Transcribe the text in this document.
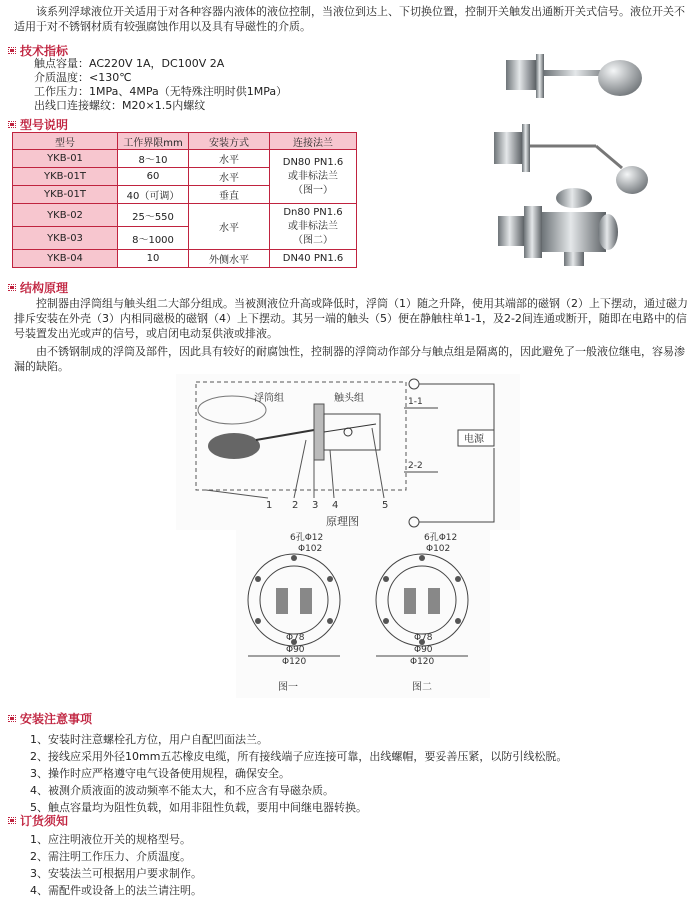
该系列浮球液位开关适用于对各种容器内液体的液位控制，当液位到达上、下切换位置，控制开关触发出通断开关式信号。液位开关不适用于对不锈钢材质有较强腐蚀作用以及具有导磁性的介质。
技术指标
触点容量：AC220V 1A，DC100V 2A
介质温度：<130℃
工作压力：1MPa、4MPa（无特殊注明时供1MPa）
出线口连接螺纹：M20×1.5内螺纹
型号说明
型号	工作界限mm	安装方式	连接法兰
YKB-01	8～10	水平	DN80 PN1.6
或非标法兰
（图一）

YKB-01T	60	水平	
YKB-01T	40（可调）	垂直	
YKB-02	25～550	水平	Dn80 PN1.6
或非标法兰
（图二）

YKB-03	8～1000		
YKB-04	10	外侧水平	DN40 PN1.6
结构原理
控制器由浮筒组与触头组二大部分组成。当被测液位升高或降低时，浮筒（1）随之升降，使用其端部的磁钢（2）上下摆动，通过磁力排斥安装在外壳（3）内相同磁极的磁钢（4）上下摆动。其另一端的触头（5）便在静触柱单1-1，及2-2间连通或断开，随即在电路中的信号装置发出光或声的信号，或启闭电动泵供液或排液。
由不锈钢制成的浮筒及部件，因此具有较好的耐腐蚀性，控制器的浮筒动作部分与触点组是隔离的，因此避免了一般液位继电，容易渗漏的缺陷。
浮筒组	触头组
电源
1-1
2-2
1 2 3 4	5
原理图
6孔Φ12
Φ102
Φ78
Φ90
Φ120
图一
6孔Φ12
Φ102
Φ78
Φ90
Φ120
图二
安装注意事项
1、安装时注意螺栓孔方位，用户自配凹面法兰。
2、接线应采用外径10mm五芯橡皮电缆，所有接线端子应连接可靠，出线螺帽，要妥善压紧，以防引线松脱。
3、操作时应严格遵守电气设备使用规程，确保安全。
4、被测介质液面的波动频率不能太大，和不应含有导磁杂质。
5、触点容量均为阻性负载，如用非阻性负载，要用中间继电器转换。
订货须知
1、应注明液位开关的规格型号。
2、需注明工作压力、介质温度。
3、安装法兰可根据用户要求制作。
4、需配件或设备上的法兰请注明。
